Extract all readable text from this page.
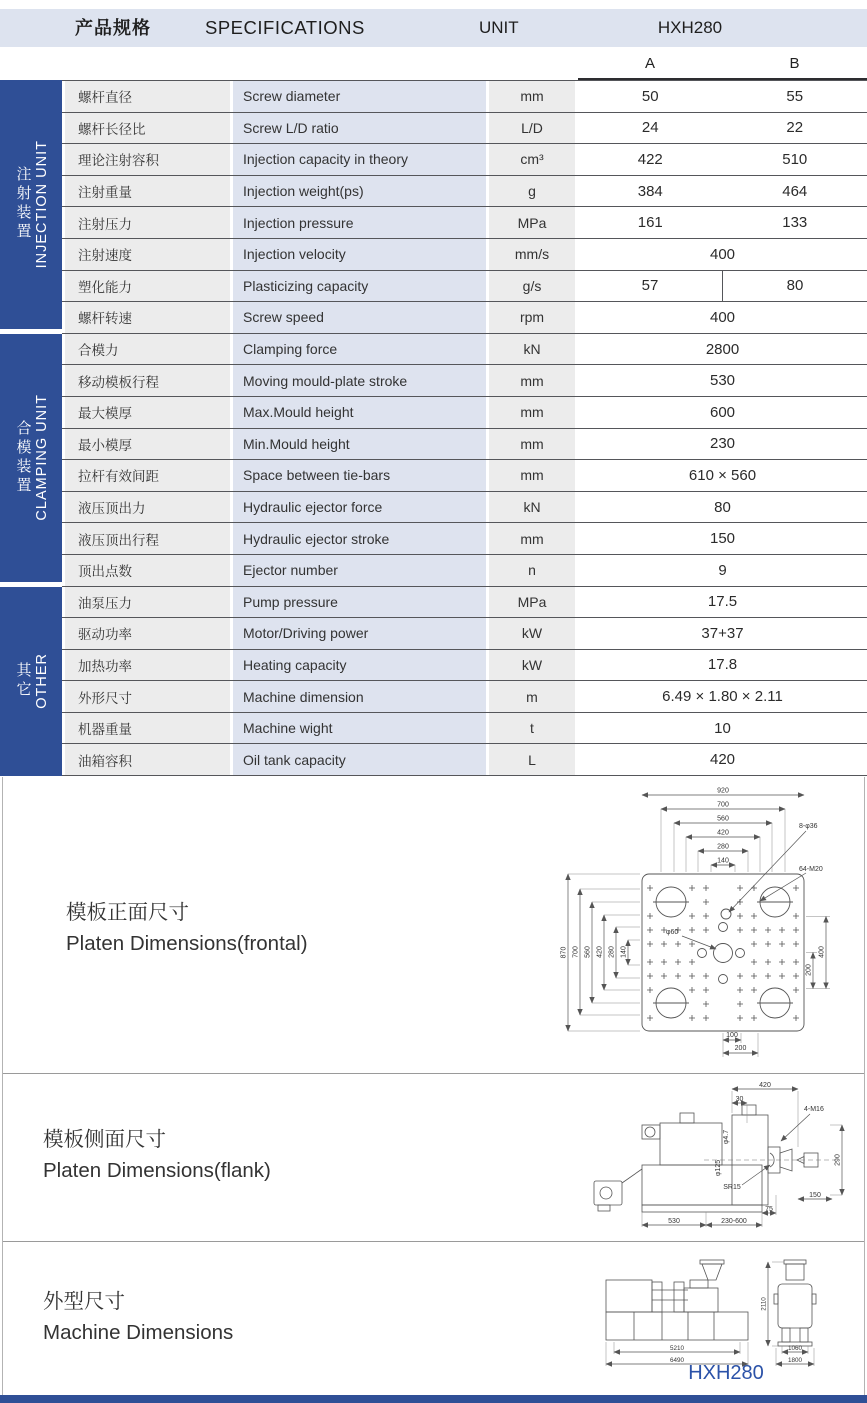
产品规格	SPECIFICATIONS	UNIT	HXH280
A	B
注射装置 INJECTION UNIT
螺杆直径	Screw diameter	mm	50	55
螺杆长径比	Screw L/D ratio	L/D	24	22
理论注射容积	Injection capacity in theory	cm³	422	510
注射重量	Injection weight(ps)	g	384	464
注射压力	Injection pressure	MPa	161	133
注射速度	Injection velocity	mm/s	400
塑化能力	Plasticizing capacity	g/s	57	80
螺杆转速	Screw speed	rpm	400
合模装置 CLAMPING UNIT
合模力	Clamping force	kN	2800
移动模板行程	Moving mould-plate stroke	mm	530
最大模厚	Max.Mould height	mm	600
最小模厚	Min.Mould height	mm	230
拉杆有效间距	Space between tie-bars	mm	610 × 560
液压顶出力	Hydraulic ejector force	kN	80
液压顶出行程	Hydraulic ejector stroke	mm	150
顶出点数	Ejector number	n	9
其它 OTHER
油泵压力	Pump pressure	MPa	17.5
驱动功率	Motor/Driving power	kW	37+37
加热功率	Heating capacity	kW	17.8
外形尺寸	Machine dimension	m	6.49 × 1.80 × 2.11
机器重量	Machine wight	t	10
油箱容积	Oil tank capacity	L	420
模板正面尺寸
Platen Dimensions(frontal)
920
700
560
420
280
140
870 700 560 420 280 140	400
200
100
200
8-φ36
64-M20
φ60
模板侧面尺寸
Platen Dimensions(flank)
420
30
4-M16
φ4.7
φ125
SR15
290
150
75
530	230-600
外型尺寸
Machine Dimensions
5210
6490
2110
1060
1800
HXH280
